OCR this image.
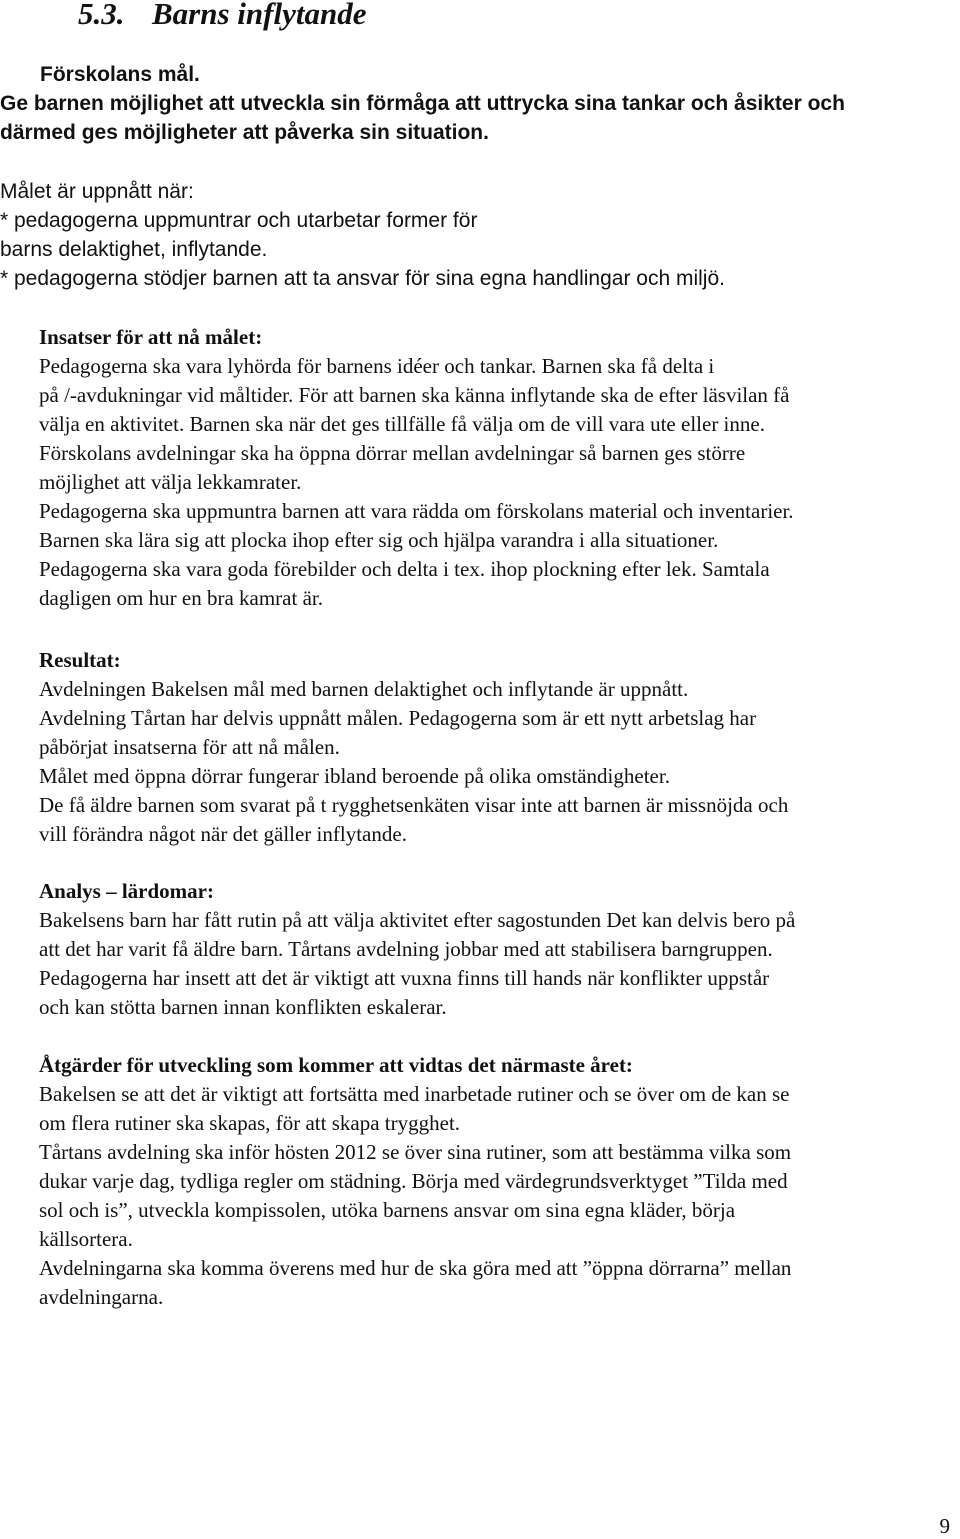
5.3. Barns inflytande
Förskolans mål.
Ge barnen möjlighet att utveckla sin förmåga att uttrycka sina tankar och åsikter och
därmed ges möjligheter att påverka sin situation.
Målet är uppnått när:
* pedagogerna uppmuntrar och utarbetar former för
barns delaktighet, inflytande.
* pedagogerna stödjer barnen att ta ansvar för sina egna handlingar och miljö.
Insatser för att nå målet:
Pedagogerna ska vara lyhörda för barnens idéer och tankar. Barnen ska få delta i
på /-avdukningar vid måltider. För att barnen ska känna inflytande ska de efter läsvilan få
välja en aktivitet. Barnen ska när det ges tillfälle få välja om de vill vara ute eller inne.
Förskolans avdelningar ska ha öppna dörrar mellan avdelningar så barnen ges större
möjlighet att välja lekkamrater.
Pedagogerna ska uppmuntra barnen att vara rädda om förskolans material och inventarier.
Barnen ska lära sig att plocka ihop efter sig och hjälpa varandra i alla situationer.
Pedagogerna ska vara goda förebilder och delta i tex. ihop plockning efter lek. Samtala
dagligen om hur en bra kamrat är.
Resultat:
Avdelningen Bakelsen mål med barnen delaktighet och inflytande är uppnått.
Avdelning Tårtan har delvis uppnått målen. Pedagogerna som är ett nytt arbetslag har
påbörjat insatserna för att nå målen.
Målet med öppna dörrar fungerar ibland beroende på olika omständigheter.
De få äldre barnen som svarat på t rygghetsenkäten visar inte att barnen är missnöjda och
vill förändra något när det gäller inflytande.
Analys – lärdomar:
Bakelsens barn har fått rutin på att välja aktivitet efter sagostunden Det kan delvis bero på
att det har varit få äldre barn. Tårtans avdelning jobbar med att stabilisera barngruppen.
Pedagogerna har insett att det är viktigt att vuxna finns till hands när konflikter uppstår
och kan stötta barnen innan konflikten eskalerar.
Åtgärder för utveckling som kommer att vidtas det närmaste året:
Bakelsen se att det är viktigt att fortsätta med inarbetade rutiner och se över om de kan se
om flera rutiner ska skapas, för att skapa trygghet.
Tårtans avdelning ska inför hösten 2012 se över sina rutiner, som att bestämma vilka som
dukar varje dag, tydliga regler om städning. Börja med värdegrundsverktyget ”Tilda med
sol och is”, utveckla kompissolen, utöka barnens ansvar om sina egna kläder, börja
källsortera.
Avdelningarna ska komma överens med hur de ska göra med att ”öppna dörrarna” mellan
avdelningarna.
9
